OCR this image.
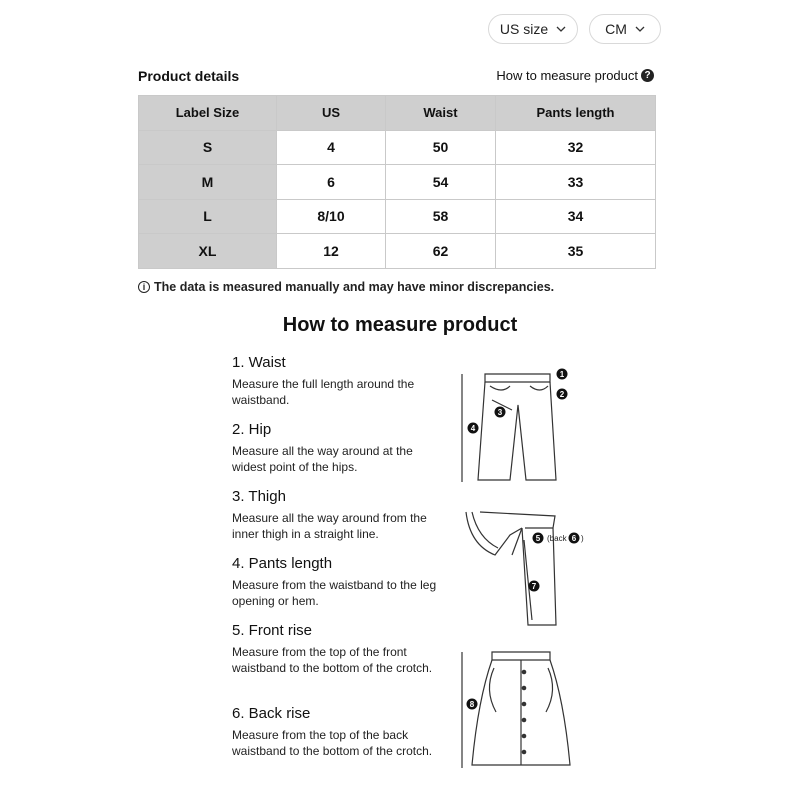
US size	CM
Product details	How to measure product ?
Label Size	US	Waist	Pants length
S	4	50	32
M	6	54	33
L	8/10	58	34
XL	12	62	35
i The data is measured manually and may have minor discrepancies.
How to measure product
1. Waist

Measure the full length around the waistband.

2. Hip

Measure all the way around at the widest point of the hips.

3. Thigh

Measure all the way around from the inner thigh in a straight line.

4. Pants length

Measure from the waistband to the leg opening or hem.

5. Front rise

Measure from the top of the front waistband to the bottom of the crotch.

6. Back rise

Measure from the top of the back waistband to the bottom of the crotch.

1
2
3
4
5 (back 6 )
7
8
